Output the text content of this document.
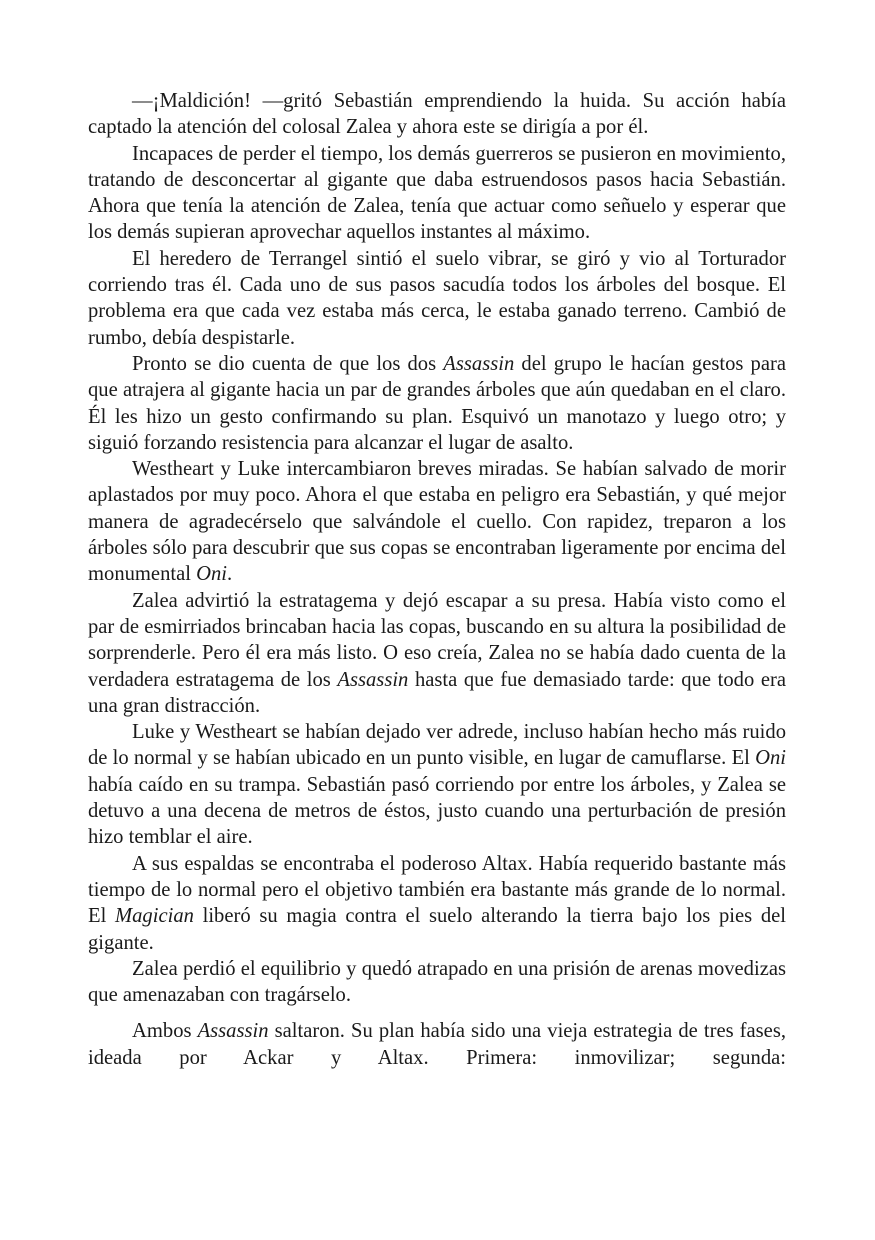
—¡Maldición! —gritó Sebastián emprendiendo la huida. Su acción había captado la atención del colosal Zalea y ahora este se dirigía a por él.

Incapaces de perder el tiempo, los demás guerreros se pusieron en movimiento, tratando de desconcertar al gigante que daba estruendosos pasos hacia Sebastián. Ahora que tenía la atención de Zalea, tenía que actuar como señuelo y esperar que los demás supieran aprovechar aquellos instantes al máximo.

El heredero de Terrangel sintió el suelo vibrar, se giró y vio al Torturador corriendo tras él. Cada uno de sus pasos sacudía todos los árboles del bosque. El problema era que cada vez estaba más cerca, le estaba ganado terreno. Cambió de rumbo, debía despistarle.

Pronto se dio cuenta de que los dos Assassin del grupo le hacían gestos para que atrajera al gigante hacia un par de grandes árboles que aún quedaban en el claro. Él les hizo un gesto confirmando su plan. Esquivó un manotazo y luego otro; y siguió forzando resistencia para alcanzar el lugar de asalto.

Westheart y Luke intercambiaron breves miradas. Se habían salvado de morir aplastados por muy poco. Ahora el que estaba en peligro era Sebastián, y qué mejor manera de agradecérselo que salvándole el cuello. Con rapidez, treparon a los árboles sólo para descubrir que sus copas se encontraban ligeramente por encima del monumental Oni.

Zalea advirtió la estratagema y dejó escapar a su presa. Había visto como el par de esmirriados brincaban hacia las copas, buscando en su altura la posibilidad de sorprenderle. Pero él era más listo. O eso creía, Zalea no se había dado cuenta de la verdadera estratagema de los Assassin hasta que fue demasiado tarde: que todo era una gran distracción.

Luke y Westheart se habían dejado ver adrede, incluso habían hecho más ruido de lo normal y se habían ubicado en un punto visible, en lugar de camuflarse. El Oni había caído en su trampa. Sebastián pasó corriendo por entre los árboles, y Zalea se detuvo a una decena de metros de éstos, justo cuando una perturbación de presión hizo temblar el aire.

A sus espaldas se encontraba el poderoso Altax. Había requerido bastante más tiempo de lo normal pero el objetivo también era bastante más grande de lo normal. El Magician liberó su magia contra el suelo alterando la tierra bajo los pies del gigante.

Zalea perdió el equilibrio y quedó atrapado en una prisión de arenas movedizas que amenazaban con tragárselo.

Ambos Assassin saltaron. Su plan había sido una vieja estrategia de tres fases, ideada por Ackar y Altax. Primera: inmovilizar; segunda:
